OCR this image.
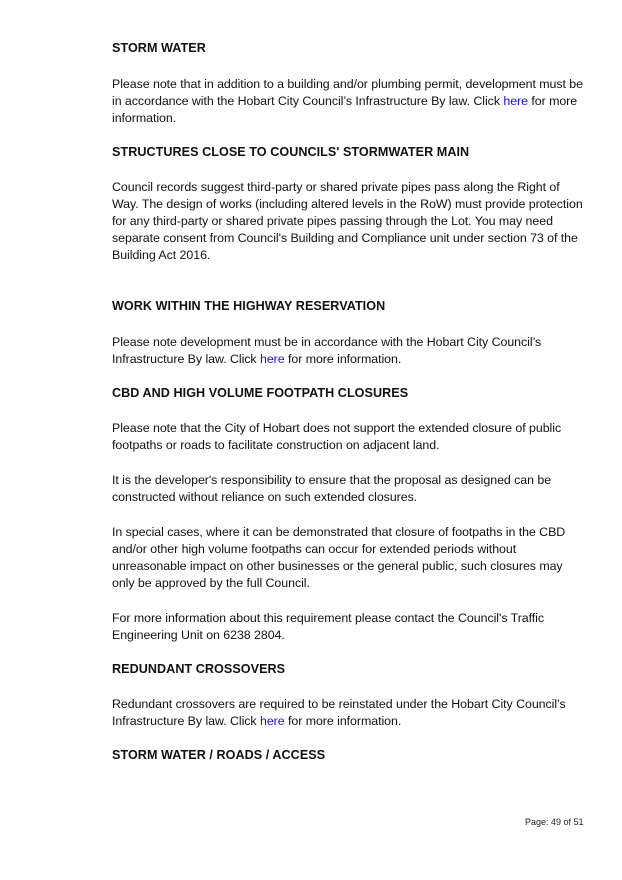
STORM WATER

Please note that in addition to a building and/or plumbing permit, development must be
in accordance with the Hobart City Council’s Infrastructure By law. Click here for more
information.

STRUCTURES CLOSE TO COUNCILS' STORMWATER MAIN

Council records suggest third-party or shared private pipes pass along the Right of
Way. The design of works (including altered levels in the RoW) must provide protection
for any third-party or shared private pipes passing through the Lot. You may need
separate consent from Council's Building and Compliance unit under section 73 of the
Building Act 2016.

WORK WITHIN THE HIGHWAY RESERVATION

Please note development must be in accordance with the Hobart City Council’s
Infrastructure By law. Click here for more information.

CBD AND HIGH VOLUME FOOTPATH CLOSURES

Please note that the City of Hobart does not support the extended closure of public
footpaths or roads to facilitate construction on adjacent land.

It is the developer's responsibility to ensure that the proposal as designed can be
constructed without reliance on such extended closures.

In special cases, where it can be demonstrated that closure of footpaths in the CBD
and/or other high volume footpaths can occur for extended periods without
unreasonable impact on other businesses or the general public, such closures may
only be approved by the full Council.

For more information about this requirement please contact the Council's Traffic
Engineering Unit on 6238 2804.

REDUNDANT CROSSOVERS

Redundant crossovers are required to be reinstated under the Hobart City Council’s
Infrastructure By law. Click here for more information.

STORM WATER / ROADS / ACCESS
Page: 49 of 51
